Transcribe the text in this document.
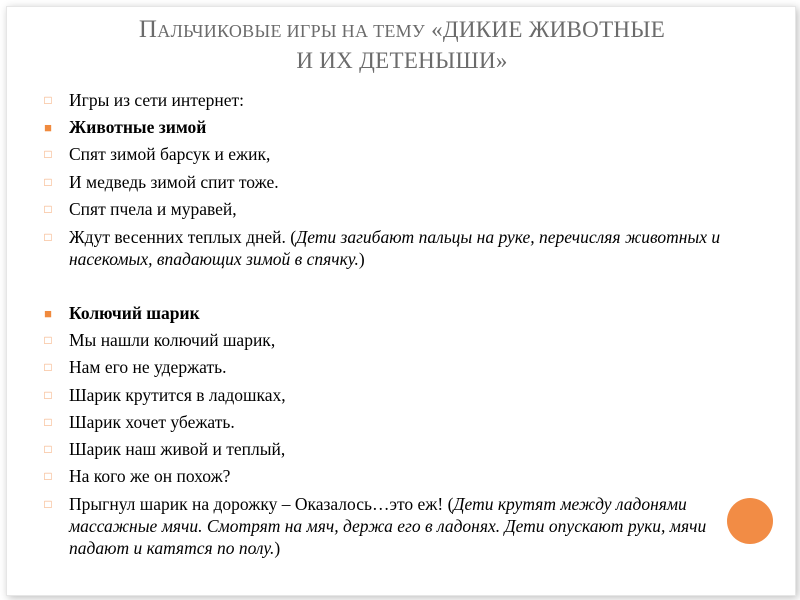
ПАЛЬЧИКОВЫЕ ИГРЫ НА ТЕМУ «ДИКИЕ ЖИВОТНЫЕ
И ИХ ДЕТЕНЫШИ»
□ Игры из сети интернет:
■ Животные зимой
□ Спят зимой барсук и ежик,
□ И медведь зимой спит тоже.
□ Спят пчела и муравей,
□ Ждут весенних теплых дней. (Дети загибают пальцы на руке, перечисляя животных и насекомых, впадающих зимой в спячку.)
■ Колючий шарик
□ Мы нашли колючий шарик,
□ Нам его не удержать.
□ Шарик крутится в ладошках,
□ Шарик хочет убежать.
□ Шарик наш живой и теплый,
□ На кого же он похож?
□ Прыгнул шарик на дорожку – Оказалось…это еж! (Дети крутят между ладонями массажные мячи. Смотрят на мяч, держа его в ладонях. Дети опускают руки, мячи падают и катятся по полу.)
